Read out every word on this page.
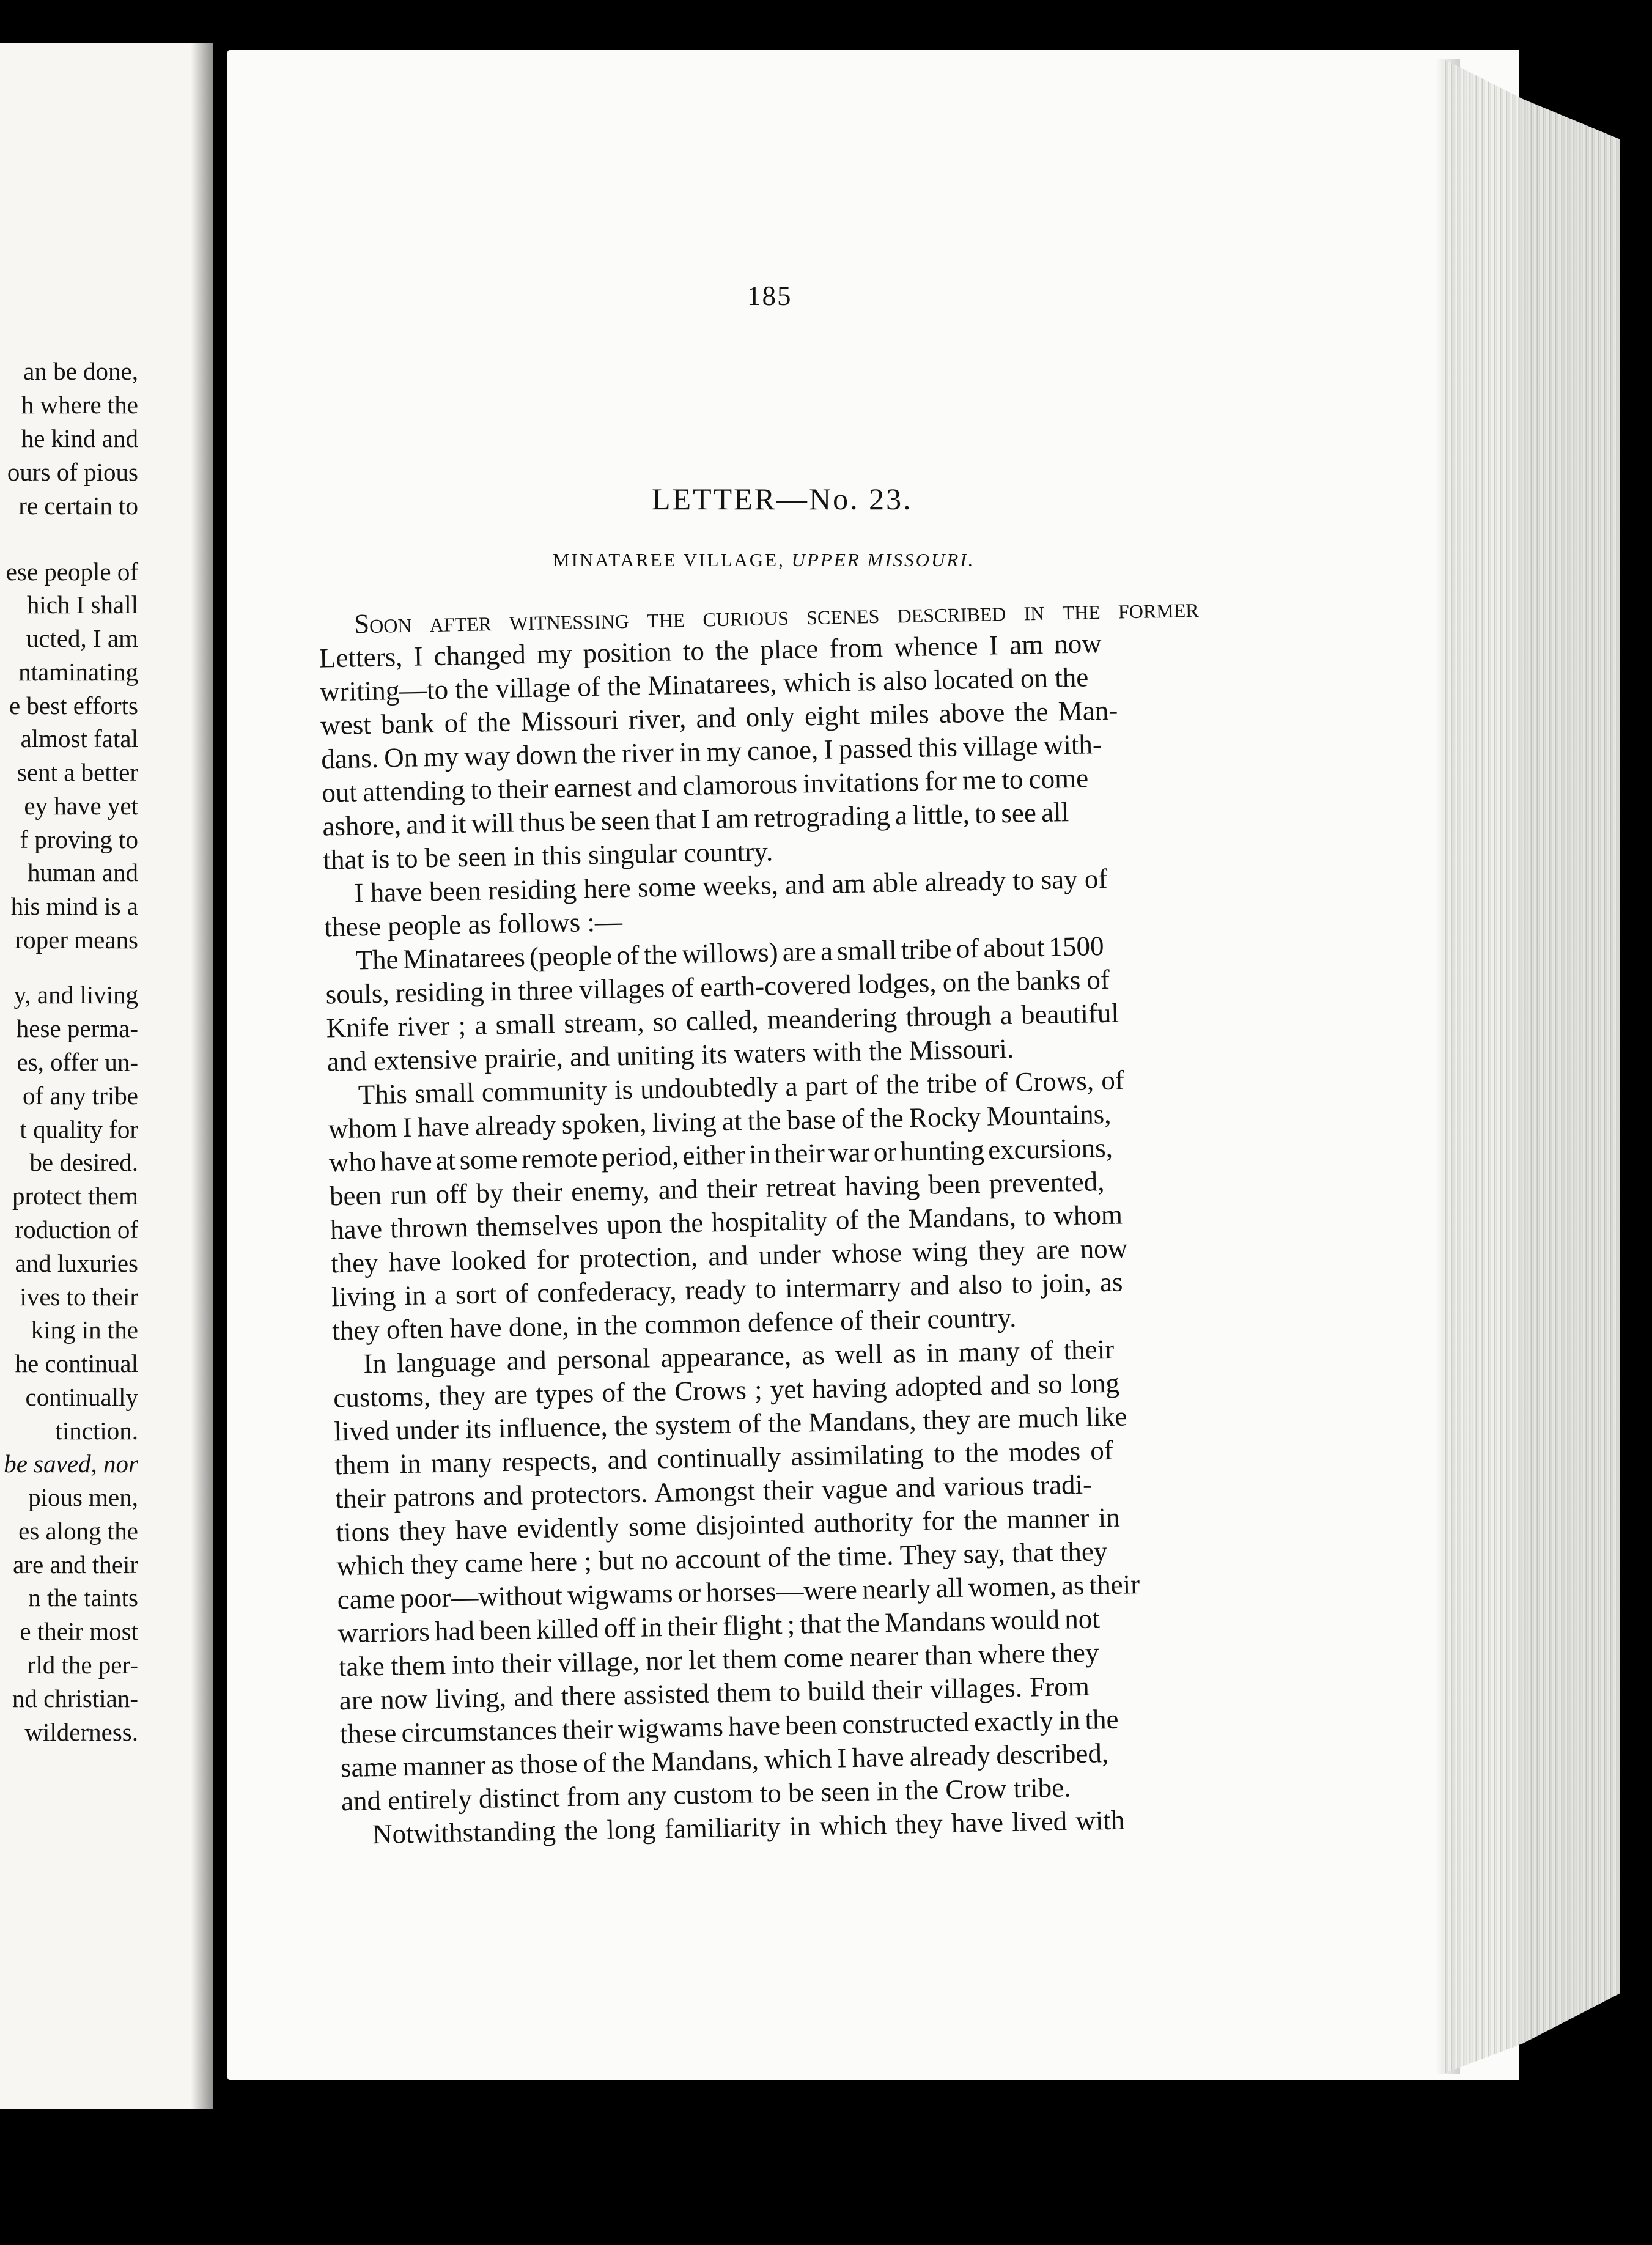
an be done,
h where the
he kind and
ours of pious
re certain to
ese people of
hich I shall
ucted, I am
ntaminating
e best efforts
almost fatal
sent a better
ey have yet
f proving to
human and
his mind is a
roper means
y, and living
hese perma-
es, offer un-
of any tribe
t quality for
be desired.
protect them
roduction of
and luxuries
ives to their
king in the
he continual
continually
tinction.
be saved, nor
pious men,
es along the
are and their
n the taints
e their most
rld the per-
nd christian-
wilderness.
185
LETTER—No. 23.
MINATAREE VILLAGE, UPPER MISSOURI.
Soon after witnessing the curious scenes described in the former
Letters, I changed my position to the place from whence I am now
writing—to the village of the Minatarees, which is also located on the
west bank of the Missouri river, and only eight miles above the Man-
dans. On my way down the river in my canoe, I passed this village with-
out attending to their earnest and clamorous invitations for me to come
ashore, and it will thus be seen that I am retrograding a little, to see all
that is to be seen in this singular country.
I have been residing here some weeks, and am able already to say of
these people as follows :—
The Minatarees (people of the willows) are a small tribe of about 1500
souls, residing in three villages of earth-covered lodges, on the banks of
Knife river ; a small stream, so called, meandering through a beautiful
and extensive prairie, and uniting its waters with the Missouri.
This small community is undoubtedly a part of the tribe of Crows, of
whom I have already spoken, living at the base of the Rocky Mountains,
who have at some remote period, either in their war or hunting excursions,
been run off by their enemy, and their retreat having been prevented,
have thrown themselves upon the hospitality of the Mandans, to whom
they have looked for protection, and under whose wing they are now
living in a sort of confederacy, ready to intermarry and also to join, as
they often have done, in the common defence of their country.
In language and personal appearance, as well as in many of their
customs, they are types of the Crows ; yet having adopted and so long
lived under its influence, the system of the Mandans, they are much like
them in many respects, and continually assimilating to the modes of
their patrons and protectors. Amongst their vague and various tradi-
tions they have evidently some disjointed authority for the manner in
which they came here ; but no account of the time. They say, that they
came poor—without wigwams or horses—were nearly all women, as their
warriors had been killed off in their flight ; that the Mandans would not
take them into their village, nor let them come nearer than where they
are now living, and there assisted them to build their villages. From
these circumstances their wigwams have been constructed exactly in the
same manner as those of the Mandans, which I have already described,
and entirely distinct from any custom to be seen in the Crow tribe.
Notwithstanding the long familiarity in which they have lived with
